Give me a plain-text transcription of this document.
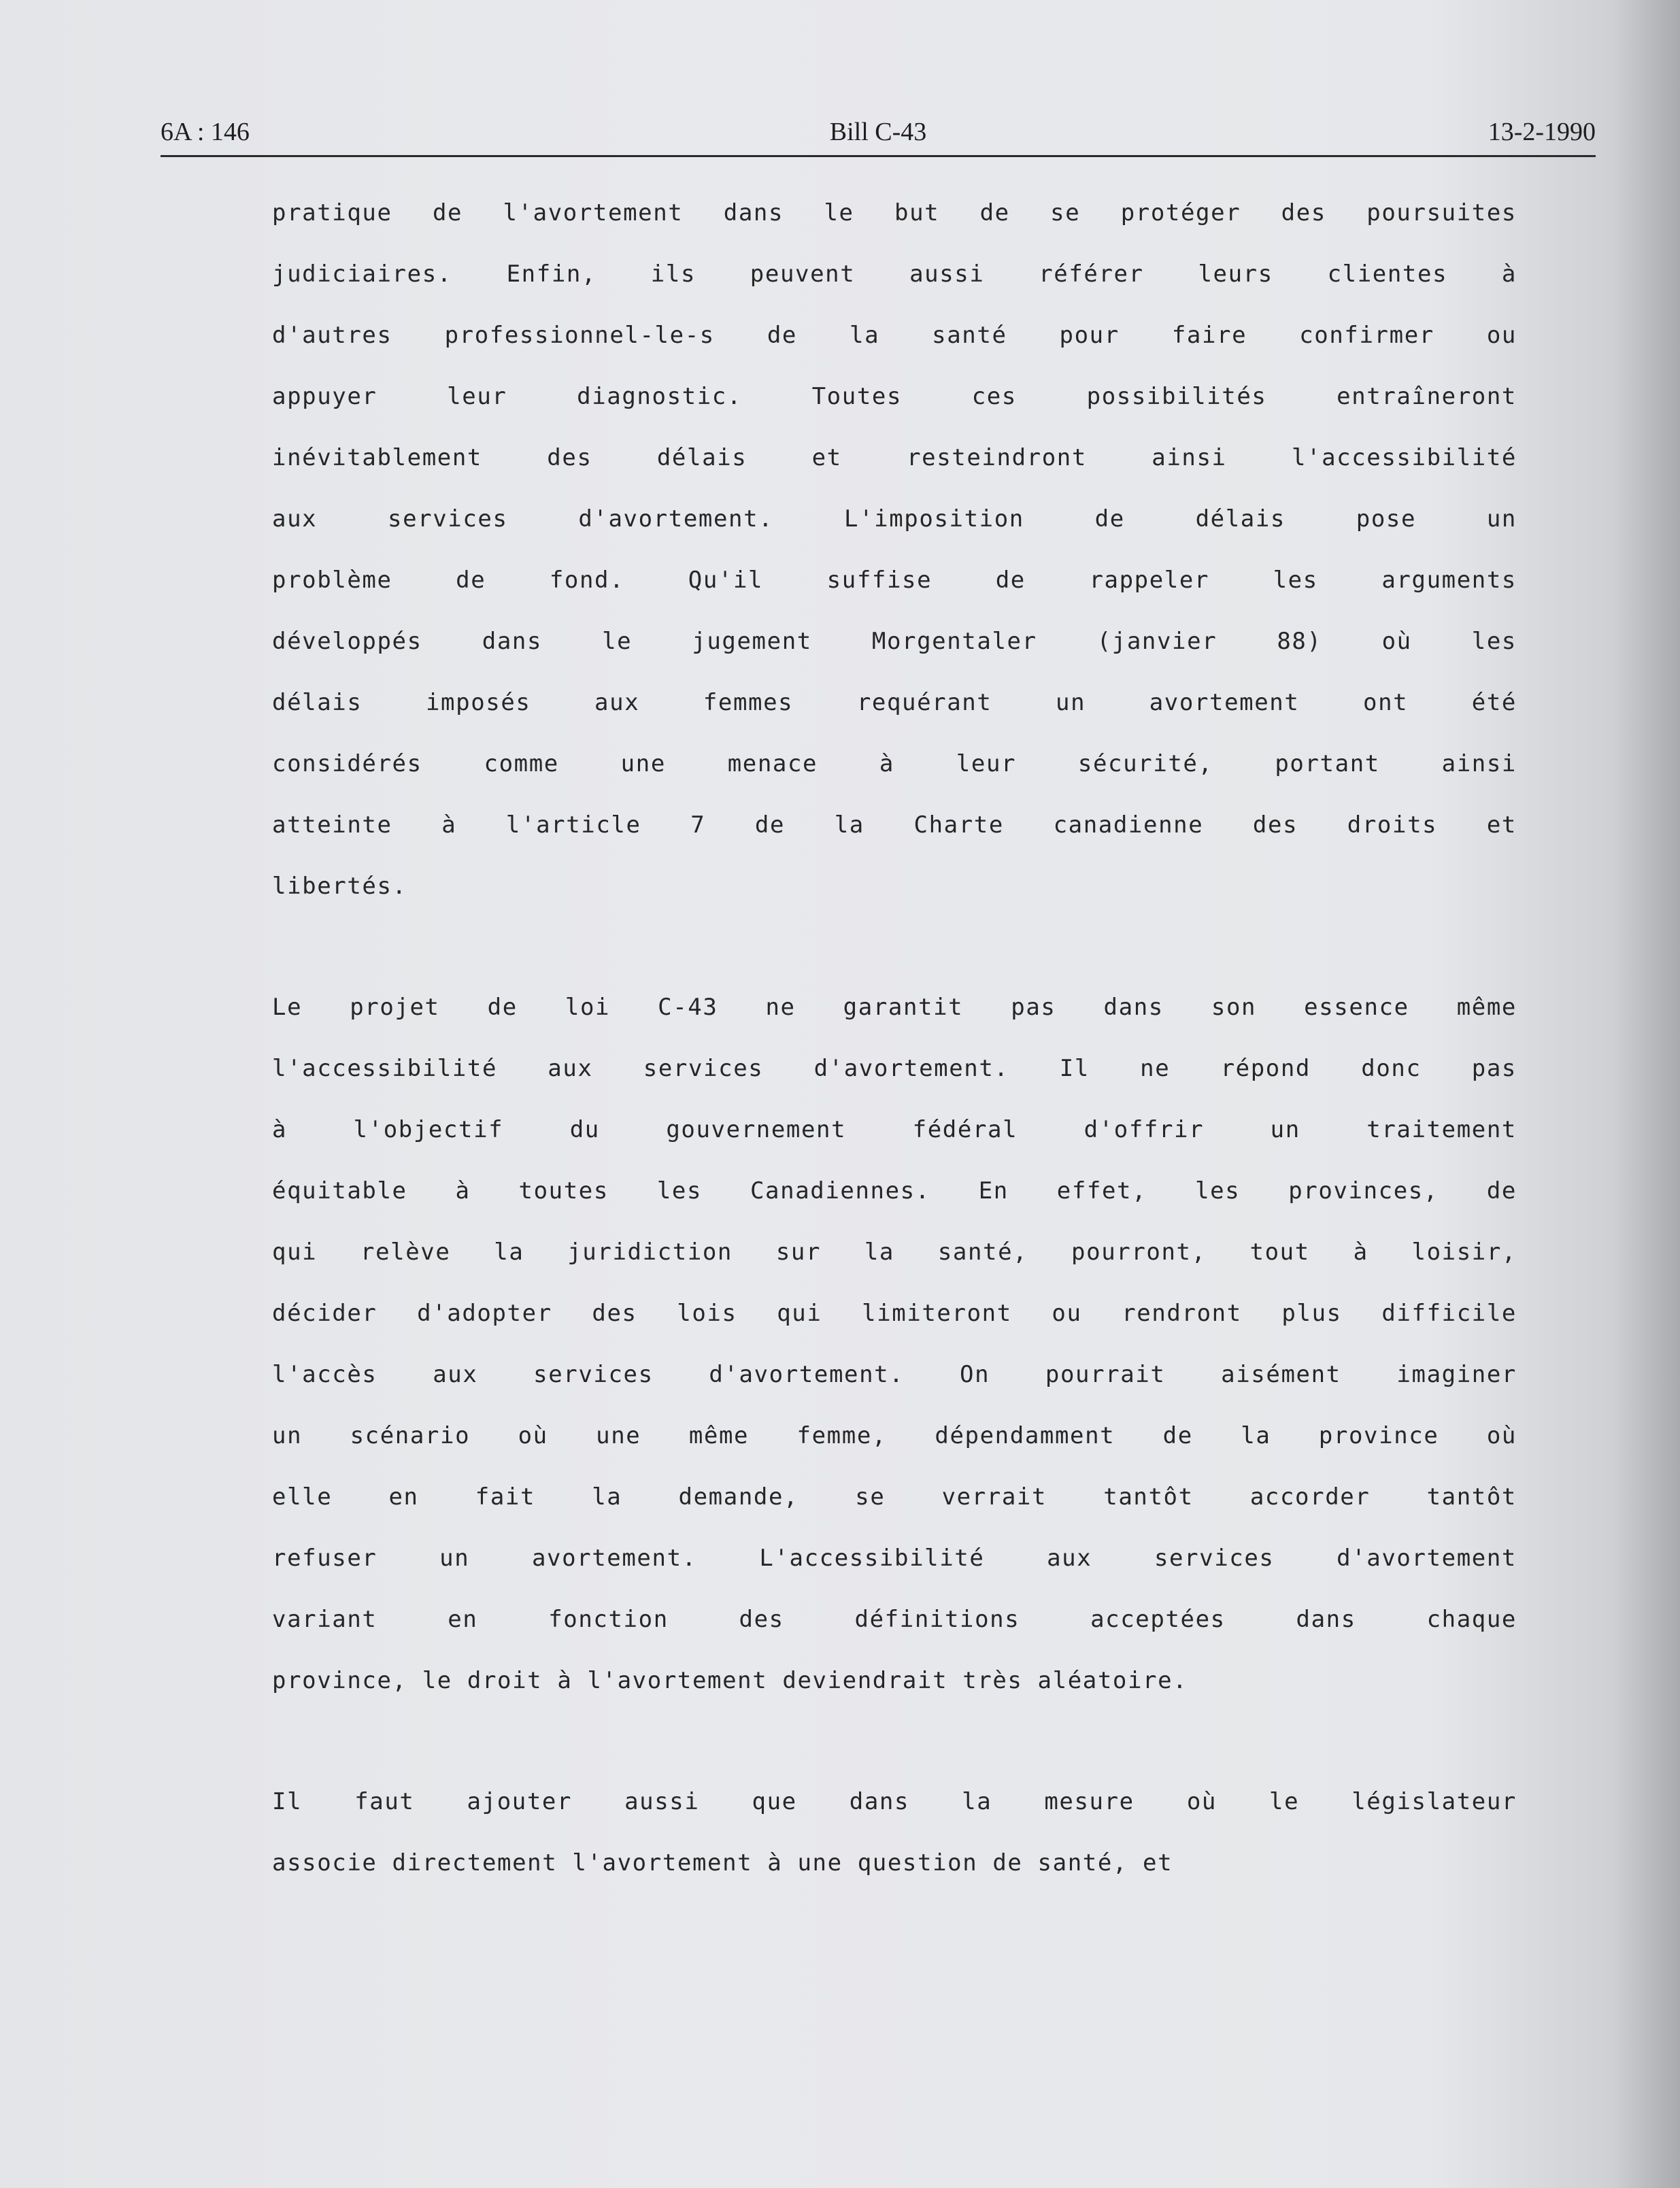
6A : 146	Bill C-43	13-2-1990
pratique de l'avortement dans le but de se protéger des poursuites
judiciaires. Enfin, ils peuvent aussi référer leurs clientes à
d'autres professionnel-le-s de la santé pour faire confirmer ou
appuyer leur diagnostic. Toutes ces possibilités entraîneront
inévitablement des délais et resteindront ainsi l'accessibilité
aux services d'avortement. L'imposition de délais pose un
problème de fond. Qu'il suffise de rappeler les arguments
développés dans le jugement Morgentaler (janvier 88) où les
délais imposés aux femmes requérant un avortement ont été
considérés comme une menace à leur sécurité, portant ainsi
atteinte à l'article 7 de la Charte canadienne des droits et
libertés.
Le projet de loi C-43 ne garantit pas dans son essence même
l'accessibilité aux services d'avortement. Il ne répond donc pas
à l'objectif du gouvernement fédéral d'offrir un traitement
équitable à toutes les Canadiennes. En effet, les provinces, de
qui relève la juridiction sur la santé, pourront, tout à loisir,
décider d'adopter des lois qui limiteront ou rendront plus difficile
l'accès aux services d'avortement. On pourrait aisément imaginer
un scénario où une même femme, dépendamment de la province où
elle en fait la demande, se verrait tantôt accorder tantôt
refuser un avortement. L'accessibilité aux services d'avortement
variant en fonction des définitions acceptées dans chaque
province, le droit à l'avortement deviendrait très aléatoire.
Il faut ajouter aussi que dans la mesure où le législateur
associe directement l'avortement à une question de santé, et
